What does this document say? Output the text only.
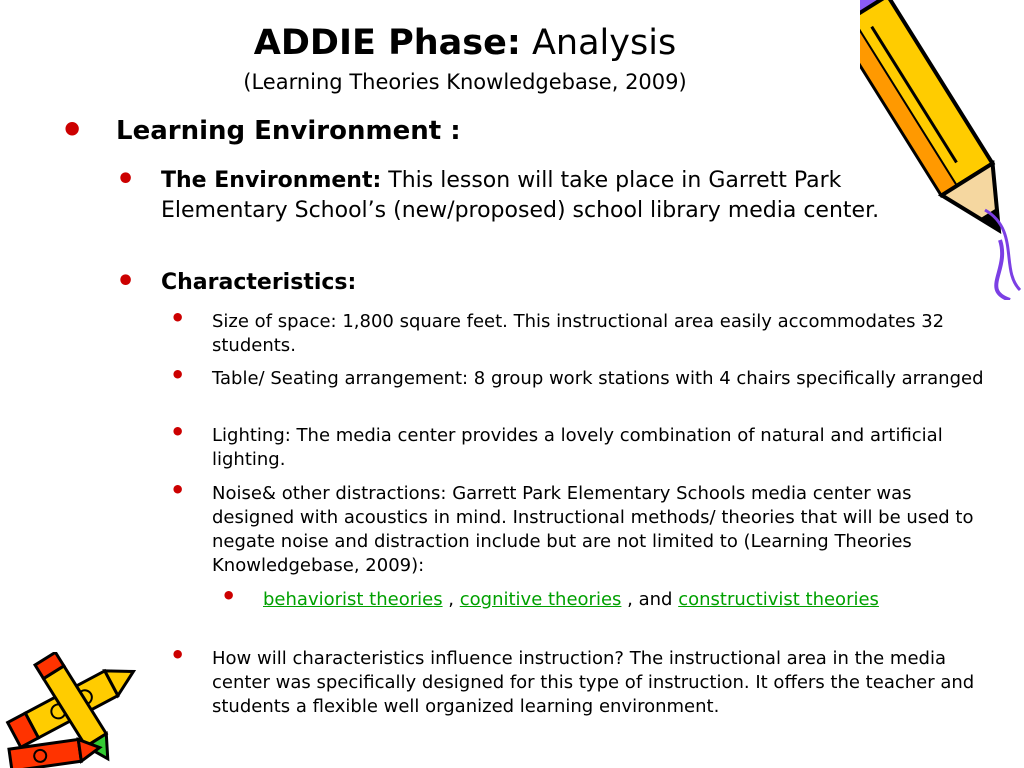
ADDIE Phase: Analysis
(Learning Theories Knowledgebase, 2009)
• Learning Environment :
• The Environment: This lesson will take place in Garrett Park Elementary School’s (new/proposed) school library media center.
• Characteristics:
• Size of space: 1,800 square feet. This instructional area easily accommodates 32 students.
• Table/ Seating arrangement: 8 group work stations with 4 chairs specifically arranged
• Lighting: The media center provides a lovely combination of natural and artificial lighting.
• Noise& other distractions: Garrett Park Elementary Schools media center was designed with acoustics in mind. Instructional methods/ theories that will be used to negate noise and distraction include but are not limited to (Learning Theories Knowledgebase, 2009):
• behaviorist theories , cognitive theories , and constructivist theories
• How will characteristics influence instruction? The instructional area in the media center was specifically designed for this type of instruction. It offers the teacher and students a flexible well organized learning environment.
